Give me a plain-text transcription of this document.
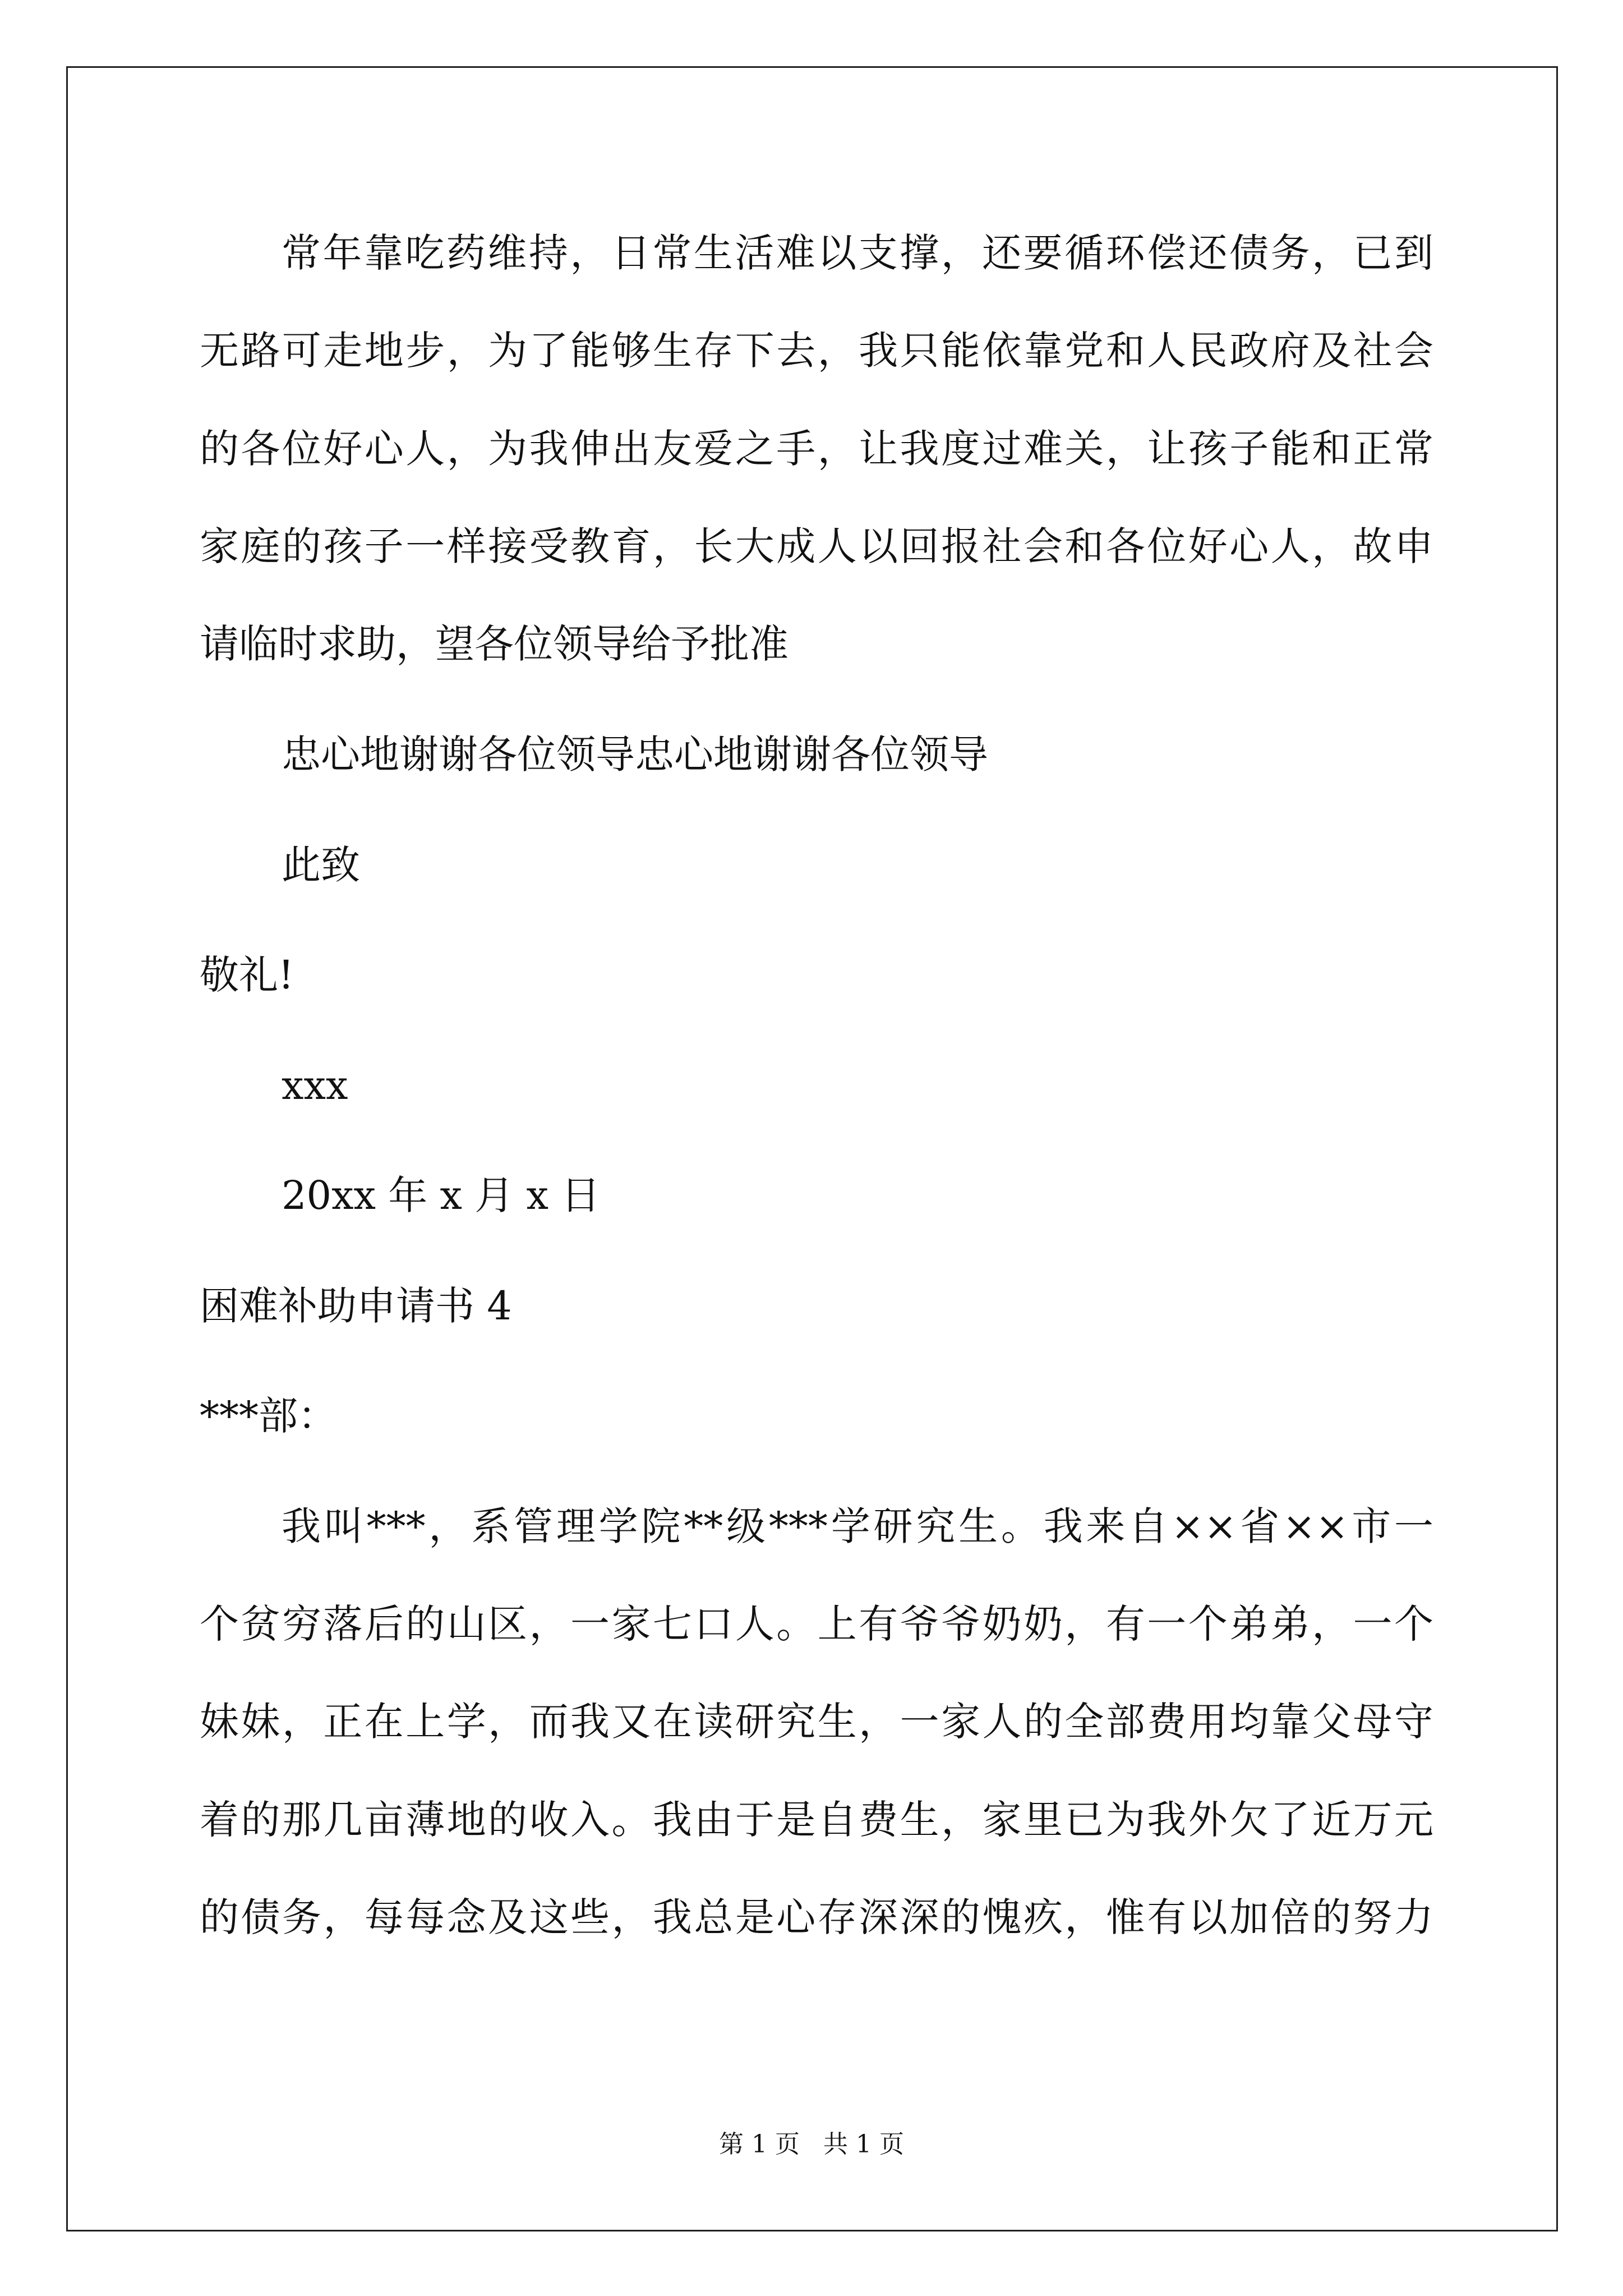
常年靠吃药维持，日常生活难以支撑，还要循环偿还债务，已到
无路可走地步，为了能够生存下去，我只能依靠党和人民政府及社会
的各位好心人，为我伸出友爱之手，让我度过难关，让孩子能和正常
家庭的孩子一样接受教育，长大成人以回报社会和各位好心人，故申
请临时求助，望各位领导给予批准
忠心地谢谢各位领导忠心地谢谢各位领导
此致
敬礼!
xxx
20xx 年 x 月 x 日
困难补助申请书 4
***部：
我叫***，系管理学院**级***学研究生。我来自××省××市一
个贫穷落后的山区，一家七口人。上有爷爷奶奶，有一个弟弟，一个
妹妹，正在上学，而我又在读研究生，一家人的全部费用均靠父母守
着的那几亩薄地的收入。我由于是自费生，家里已为我外欠了近万元
的债务，每每念及这些，我总是心存深深的愧疚，惟有以加倍的努力
第 1 页   共 1 页
